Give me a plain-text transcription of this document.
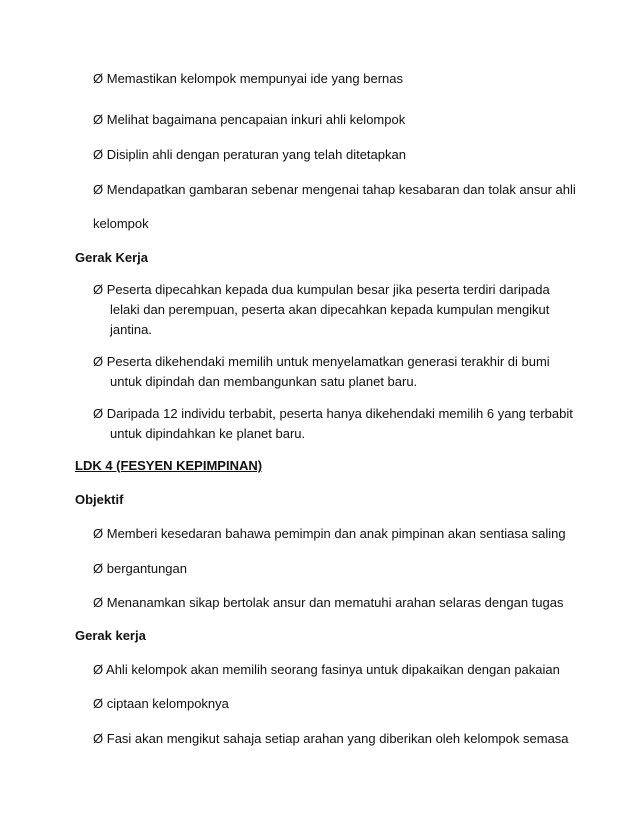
Ø Memastikan kelompok mempunyai ide yang bernas
Ø Melihat bagaimana pencapaian inkuri ahli kelompok
Ø Disiplin ahli dengan peraturan yang telah ditetapkan
Ø Mendapatkan gambaran sebenar mengenai tahap kesabaran dan tolak ansur ahli
kelompok
Gerak Kerja
Ø Peserta dipecahkan kepada dua kumpulan besar jika peserta terdiri daripada
lelaki dan perempuan, peserta akan dipecahkan kepada kumpulan mengikut
jantina.
Ø Peserta dikehendaki memilih untuk menyelamatkan generasi terakhir di bumi
untuk dipindah dan membangunkan satu planet baru.
Ø Daripada 12 individu terbabit, peserta hanya dikehendaki memilih 6 yang terbabit
untuk dipindahkan ke planet baru.
LDK 4 (FESYEN KEPIMPINAN)
Objektif
Ø Memberi kesedaran bahawa pemimpin dan anak pimpinan akan sentiasa saling
Ø bergantungan
Ø Menanamkan sikap bertolak ansur dan mematuhi arahan selaras dengan tugas
Gerak kerja
Ø Ahli kelompok akan memilih seorang fasinya untuk dipakaikan dengan pakaian
Ø ciptaan kelompoknya
Ø Fasi akan mengikut sahaja setiap arahan yang diberikan oleh kelompok semasa
